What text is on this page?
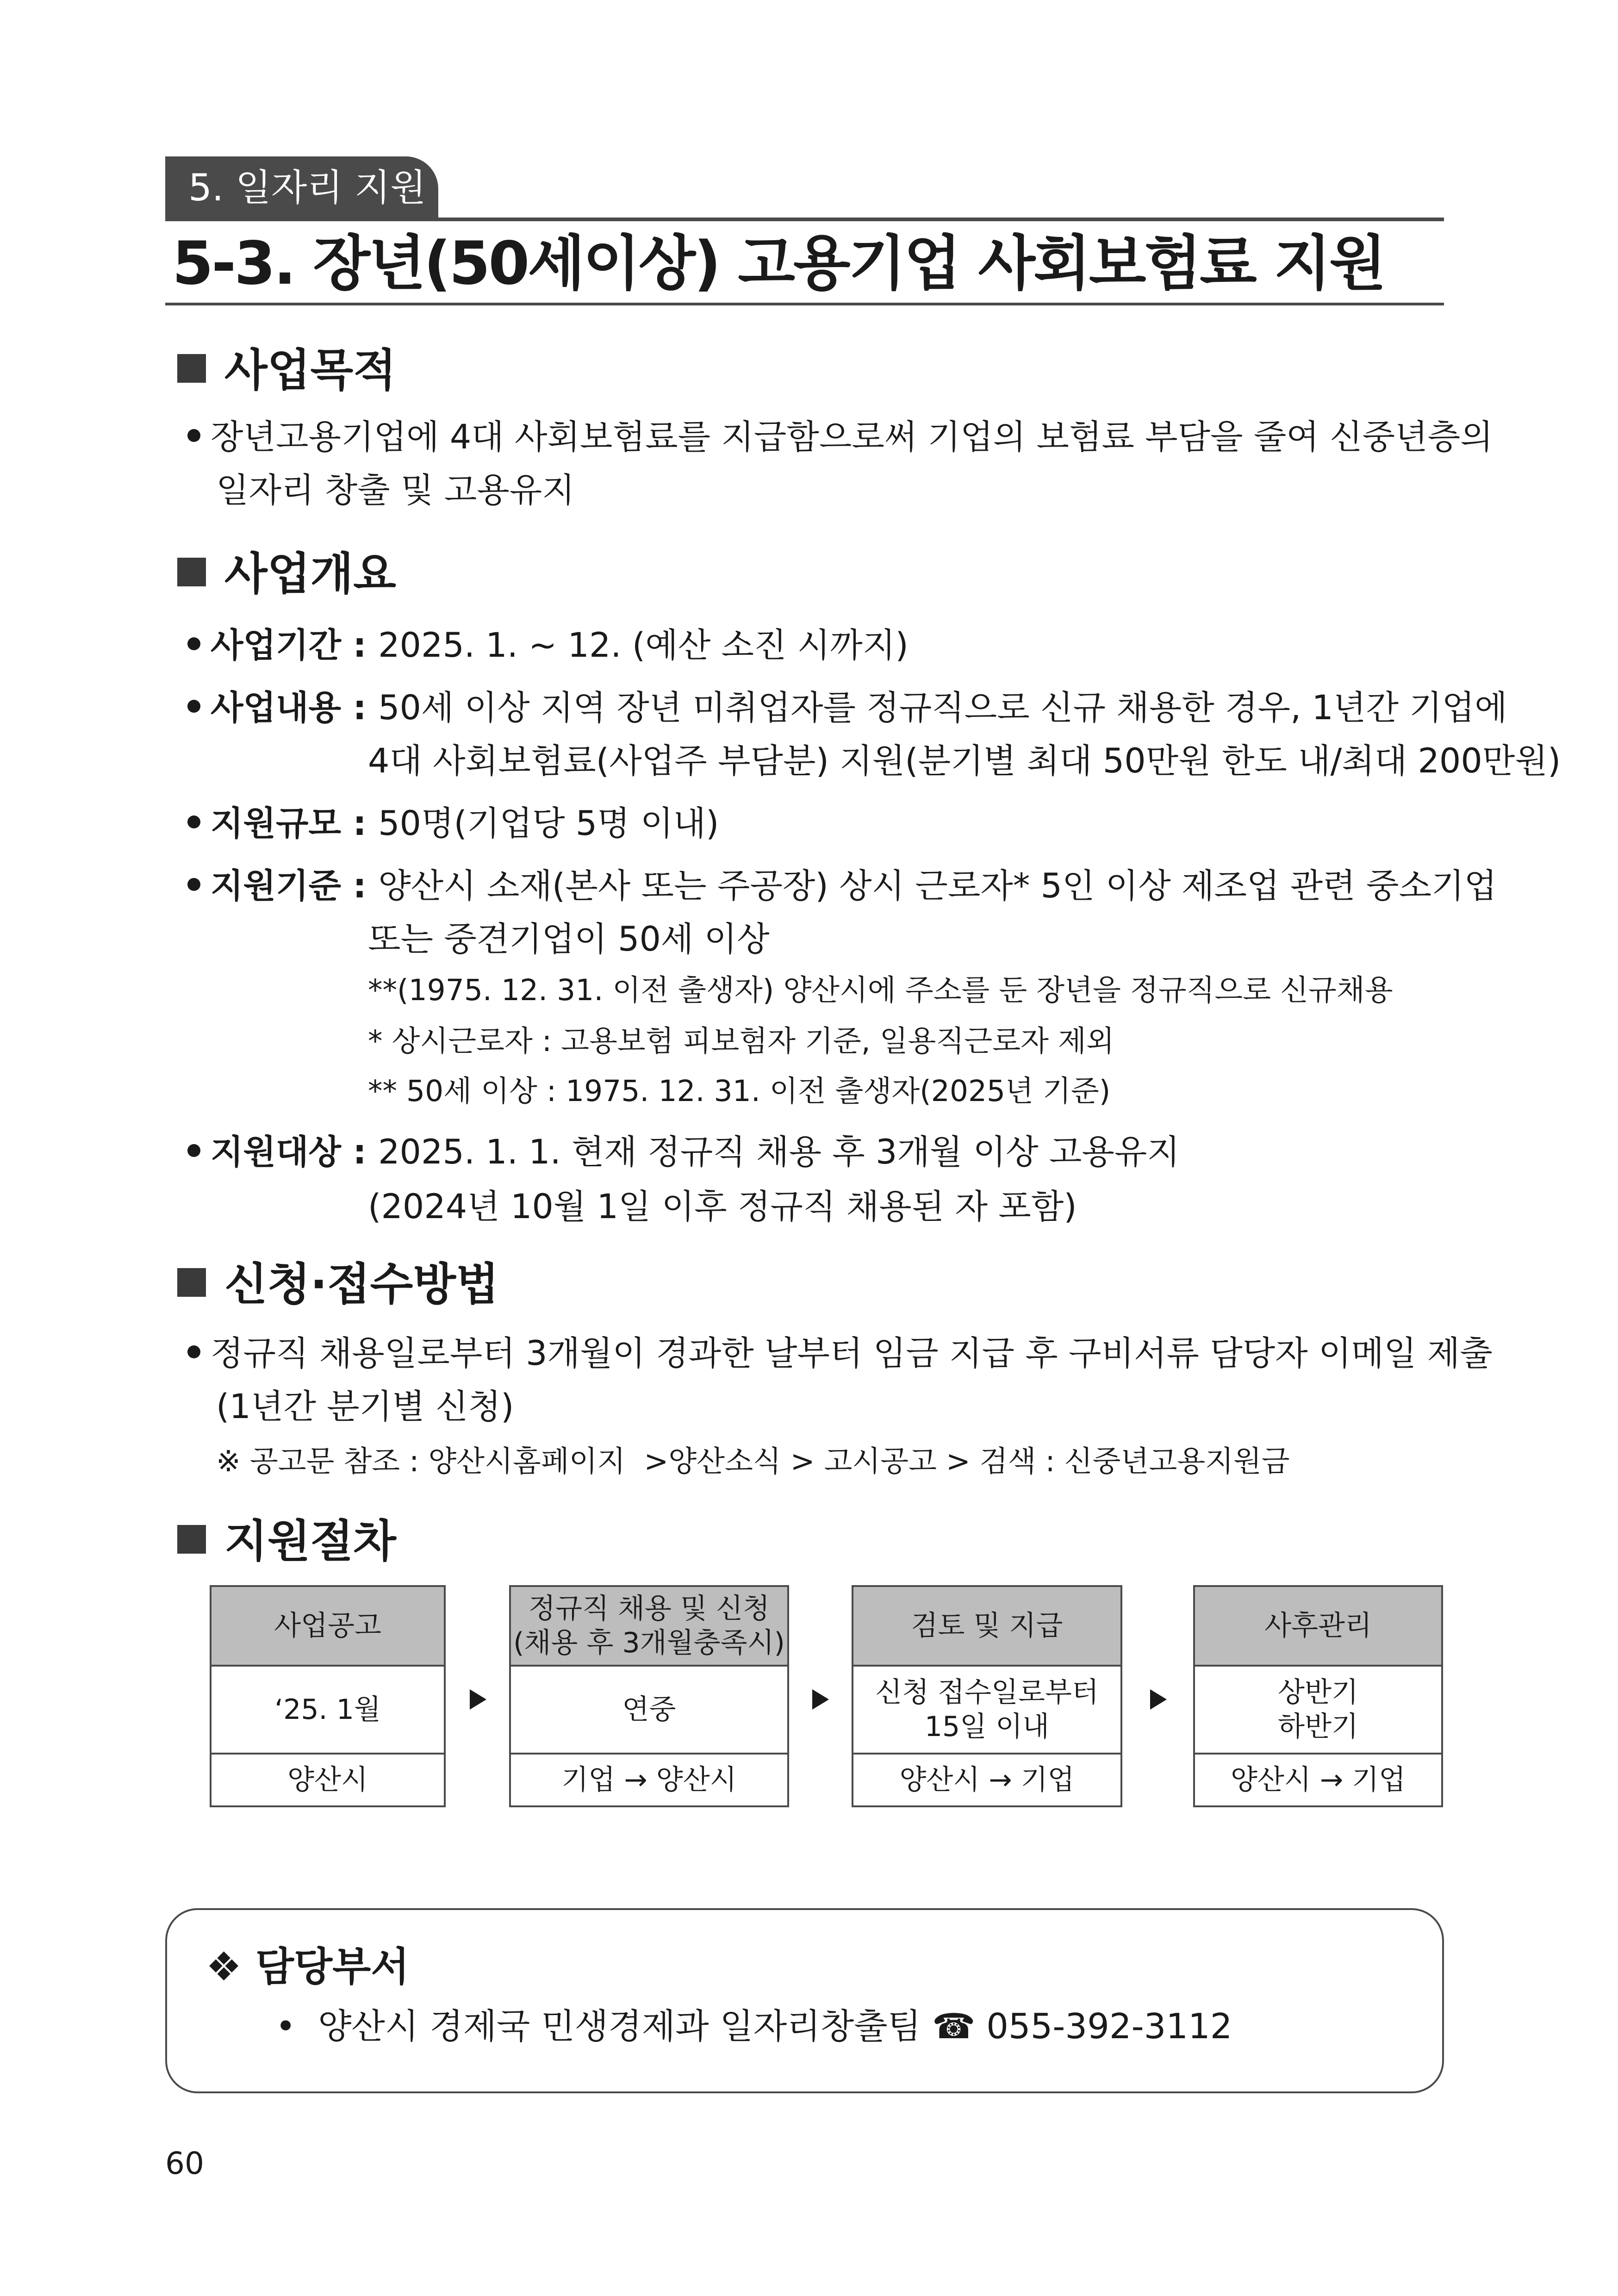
5. 일자리 지원
5-3. 장년(50세이상) 고용기업 사회보험료 지원
사업목적
장년고용기업에 4대 사회보험료를 지급함으로써 기업의 보험료 부담을 줄여 신중년층의
일자리 창출 및 고용유지
사업개요
사업기간 : 2025. 1. ~ 12. (예산 소진 시까지)
사업내용 : 50세 이상 지역 장년 미취업자를 정규직으로 신규 채용한 경우, 1년간 기업에
4대 사회보험료(사업주 부담분) 지원(분기별 최대 50만원 한도 내/최대 200만원)
지원규모 : 50명(기업당 5명 이내)
지원기준 : 양산시 소재(본사 또는 주공장) 상시 근로자* 5인 이상 제조업 관련 중소기업
또는 중견기업이 50세 이상
**(1975. 12. 31. 이전 출생자) 양산시에 주소를 둔 장년을 정규직으로 신규채용
* 상시근로자 : 고용보험 피보험자 기준, 일용직근로자 제외
** 50세 이상 : 1975. 12. 31. 이전 출생자(2025년 기준)
지원대상 : 2025. 1. 1. 현재 정규직 채용 후 3개월 이상 고용유지
(2024년 10월 1일 이후 정규직 채용된 자 포함)
신청·접수방법
정규직 채용일로부터 3개월이 경과한 날부터 임금 지급 후 구비서류 담당자 이메일 제출
(1년간 분기별 신청)
※ 공고문 참조 : 양산시홈페이지  >양산소식 > 고시공고 > 검색 : 신중년고용지원금
지원절차
사업공고
‘25. 1월
양산시
정규직 채용 및 신청
(채용 후 3개월충족시)
연중
기업 → 양산시
검토 및 지급
신청 접수일로부터
15일 이내
양산시 → 기업
사후관리
상반기
하반기
양산시 → 기업
❖ 담당부서
• 양산시 경제국 민생경제과 일자리창출팀 ☎ 055-392-3112
60
